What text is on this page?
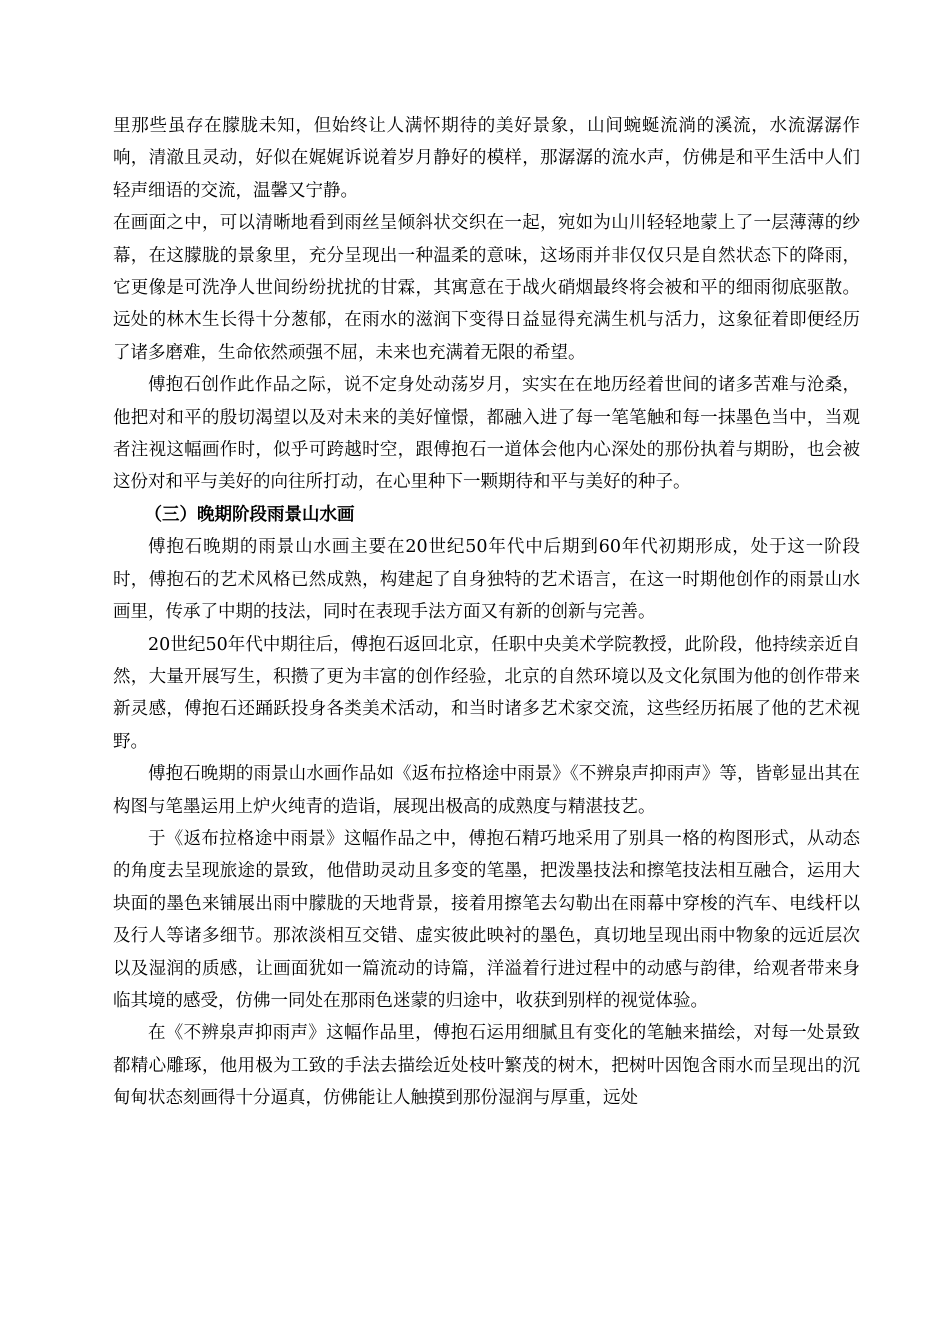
里那些虽存在朦胧未知，但始终让人满怀期待的美好景象，山间蜿蜒流淌的溪流，水流潺潺作响，清澈且灵动，好似在娓娓诉说着岁月静好的模样，那潺潺的流水声，仿佛是和平生活中人们轻声细语的交流，温馨又宁静。

在画面之中，可以清晰地看到雨丝呈倾斜状交织在一起，宛如为山川轻轻地蒙上了一层薄薄的纱幕，在这朦胧的景象里，充分呈现出一种温柔的意味，这场雨并非仅仅只是自然状态下的降雨，它更像是可洗净人世间纷纷扰扰的甘霖，其寓意在于战火硝烟最终将会被和平的细雨彻底驱散。远处的林木生长得十分葱郁，在雨水的滋润下变得日益显得充满生机与活力，这象征着即便经历了诸多磨难，生命依然顽强不屈，未来也充满着无限的希望。

傅抱石创作此作品之际，说不定身处动荡岁月，实实在在地历经着世间的诸多苦难与沧桑，他把对和平的殷切渴望以及对未来的美好憧憬，都融入进了每一笔笔触和每一抹墨色当中，当观者注视这幅画作时，似乎可跨越时空，跟傅抱石一道体会他内心深处的那份执着与期盼，也会被这份对和平与美好的向往所打动，在心里种下一颗期待和平与美好的种子。

（三）晚期阶段雨景山水画

傅抱石晚期的雨景山水画主要在20世纪50年代中后期到60年代初期形成，处于这一阶段时，傅抱石的艺术风格已然成熟，构建起了自身独特的艺术语言，在这一时期他创作的雨景山水画里，传承了中期的技法，同时在表现手法方面又有新的创新与完善。

20世纪50年代中期往后，傅抱石返回北京，任职中央美术学院教授，此阶段，他持续亲近自然，大量开展写生，积攒了更为丰富的创作经验，北京的自然环境以及文化氛围为他的创作带来新灵感，傅抱石还踊跃投身各类美术活动，和当时诸多艺术家交流，这些经历拓展了他的艺术视野。

傅抱石晚期的雨景山水画作品如《返布拉格途中雨景》《不辨泉声抑雨声》等，皆彰显出其在构图与笔墨运用上炉火纯青的造诣，展现出极高的成熟度与精湛技艺。

于《返布拉格途中雨景》这幅作品之中，傅抱石精巧地采用了别具一格的构图形式，从动态的角度去呈现旅途的景致，他借助灵动且多变的笔墨，把泼墨技法和擦笔技法相互融合，运用大块面的墨色来铺展出雨中朦胧的天地背景，接着用擦笔去勾勒出在雨幕中穿梭的汽车、电线杆以及行人等诸多细节。那浓淡相互交错、虚实彼此映衬的墨色，真切地呈现出雨中物象的远近层次以及湿润的质感，让画面犹如一篇流动的诗篇，洋溢着行进过程中的动感与韵律，给观者带来身临其境的感受，仿佛一同处在那雨色迷蒙的归途中，收获到别样的视觉体验。

在《不辨泉声抑雨声》这幅作品里，傅抱石运用细腻且有变化的笔触来描绘，对每一处景致都精心雕琢，他用极为工致的手法去描绘近处枝叶繁茂的树木，把树叶因饱含雨水而呈现出的沉甸甸状态刻画得十分逼真，仿佛能让人触摸到那份湿润与厚重，远处
